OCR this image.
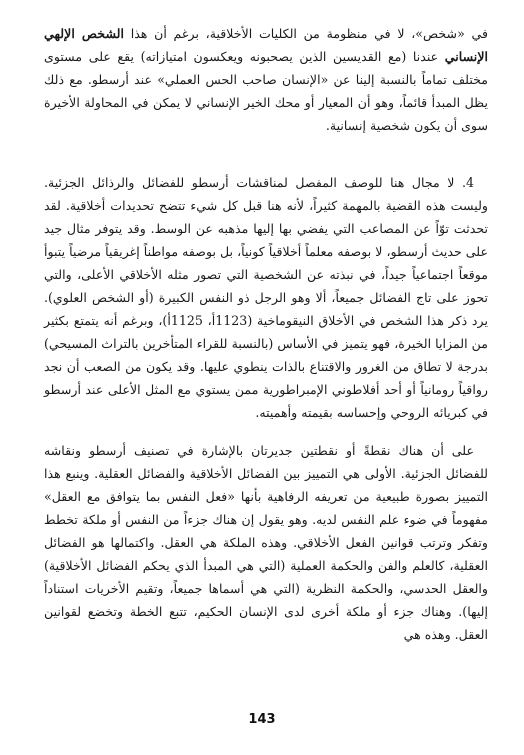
في «شخص»، لا في منظومة من الكليات الأخلاقية، برغم أن هذا الشخص الإلهي الإنساني عندنا (مع القديسين الذين يصحبونه ويعكسون امتيازاته) يقع على مستوى مختلف تماماً بالنسبة إلينا عن «الإنسان صاحب الحس العملي» عند أرسطو. مع ذلك يظل المبدأ قائماً، وهو أن المعيار أو محك الخير الإنساني لا يمكن في المحاولة الأخيرة سوى أن يكون شخصية إنسانية.

4. لا مجال هنا للوصف المفصل لمناقشات أرسطو للفضائل والرذائل الجزئية. وليست هذه القضية بالمهمة كثيراً، لأنه هنا قبل كل شيء تتضح تحديدات أخلاقية. لقد تحدثت توّاً عن المصاعب التي يفضي بها إليها مذهبه عن الوسط. وقد يتوفر مثال جيد على حديث أرسطو، لا بوصفه معلماً أخلاقياً كونياً، بل بوصفه مواطناً إغريقياً مرضياً يتبوأ موقعاً اجتماعياً جيداً، في نبذته عن الشخصية التي تصور مثله الأخلاقي الأعلى، والتي تحوز على تاج الفضائل جميعاً، ألا وهو الرجل ذو النفس الكبيرة (أو الشخص العلوي). يرد ذكر هذا الشخص في الأخلاق النيقوماخية (1123أ، 1125أ)، وبرغم أنه يتمتع بكثير من المزايا الخيرة، فهو يتميز في الأساس (بالنسبة للقراء المتأخرين بالتراث المسيحي) بدرجة لا تطاق من الغرور والاقتناع بالذات ينطوي عليها. وقد يكون من الصعب أن نجد رواقياً رومانياً أو أحد أفلاطوني الإمبراطورية ممن يستوي مع المثل الأعلى عند أرسطو في كبريائه الروحي وإحساسه بقيمته وأهميته.

على أن هناك نقطةً أو نقطتين جديرتان بالإشارة في تصنيف أرسطو ونقاشه للفضائل الجزئية. الأولى هي التمييز بين الفضائل الأخلاقية والفضائل العقلية. وينبع هذا التمييز بصورة طبيعية من تعريفه الرفاهية بأنها «فعل النفس بما يتوافق مع العقل» مفهوماً في ضوء علم النفس لديه. وهو يقول إن هناك جزءاً من النفس أو ملكة تخطط وتفكر وترتب قوانين الفعل الأخلاقي. وهذه الملكة هي العقل. واكتمالها هو الفضائل العقلية، كالعلم والفن والحكمة العملية (التي هي المبدأ الذي يحكم الفضائل الأخلاقية) والعقل الحدسي، والحكمة النظرية (التي هي أسماها جميعاً، وتقيم الأخريات استناداً إليها). وهناك جزء أو ملكة أخرى لدى الإنسان الحكيم، تتبع الخطة وتخضع لقوانين العقل. وهذه هي

143
